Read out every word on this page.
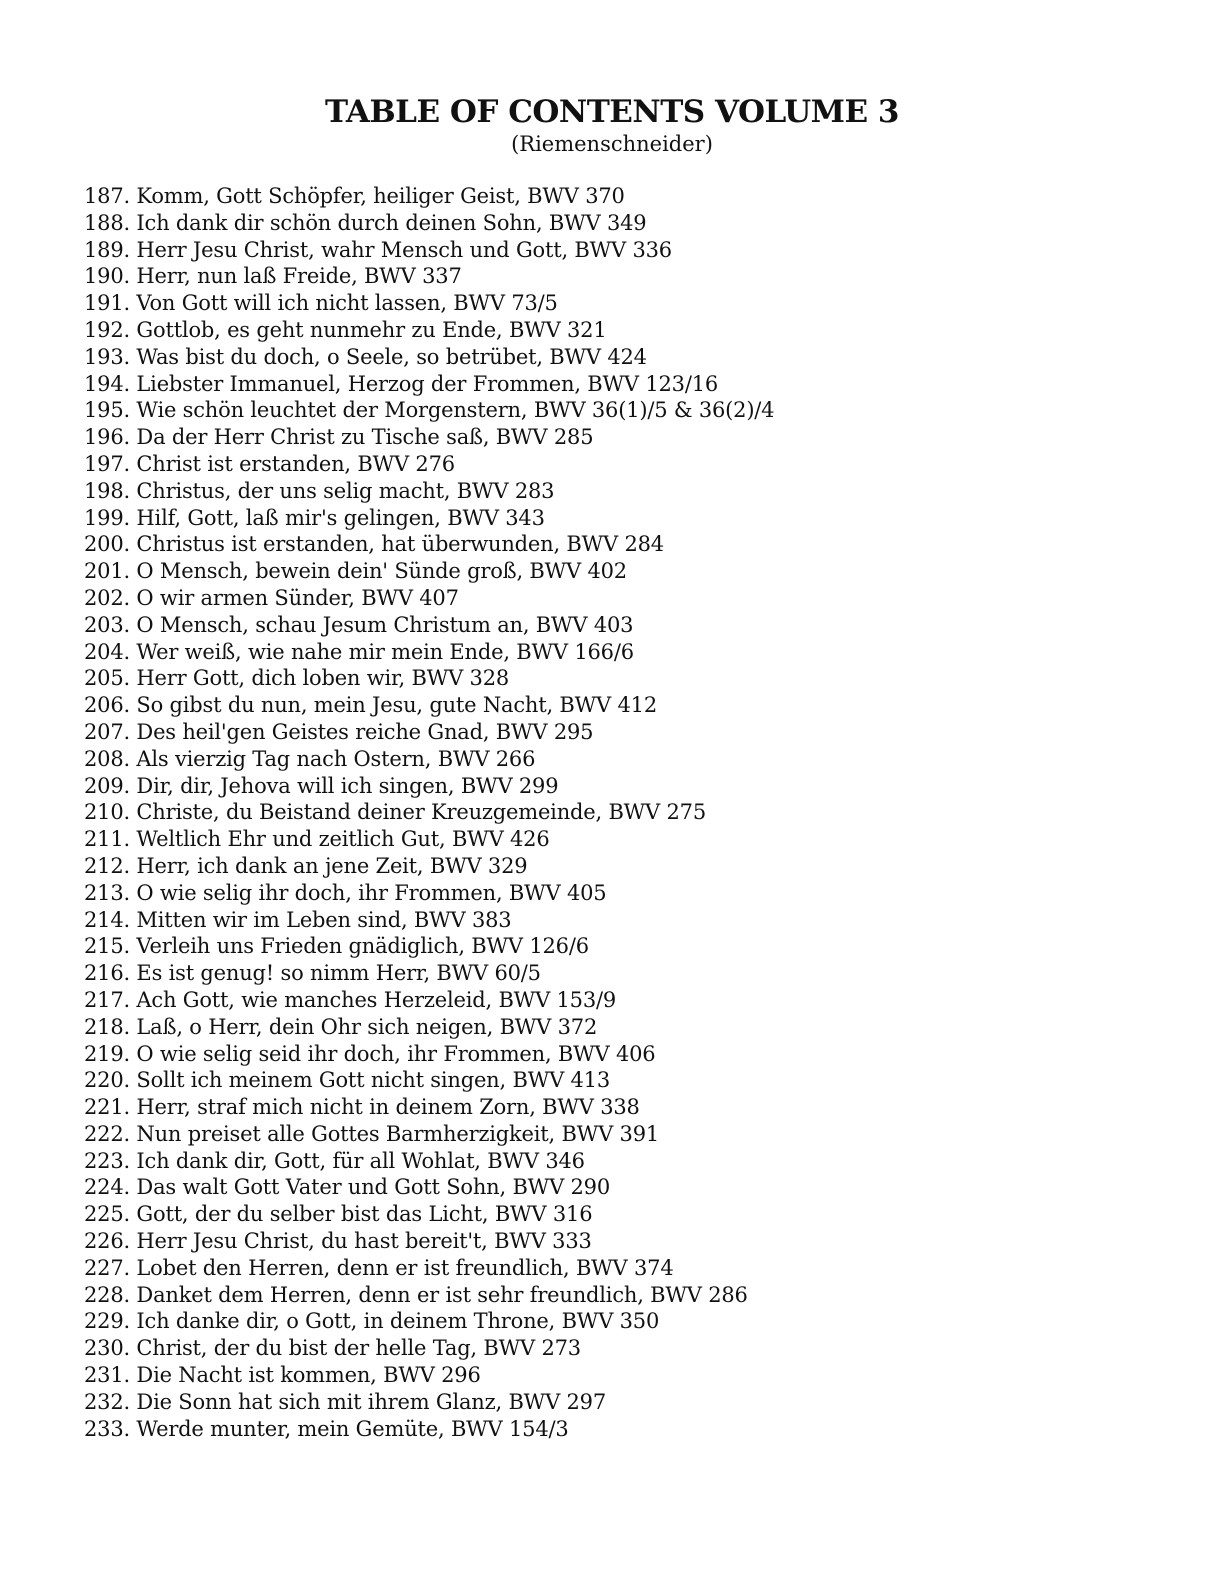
TABLE OF CONTENTS VOLUME 3
(Riemenschneider)
187. Komm, Gott Schöpfer, heiliger Geist, BWV 370
188. Ich dank dir schön durch deinen Sohn, BWV 349
189. Herr Jesu Christ, wahr Mensch und Gott, BWV 336
190. Herr, nun laß Freide, BWV 337
191. Von Gott will ich nicht lassen, BWV 73/5
192. Gottlob, es geht nunmehr zu Ende, BWV 321
193. Was bist du doch, o Seele, so betrübet, BWV 424
194. Liebster Immanuel, Herzog der Frommen, BWV 123/16
195. Wie schön leuchtet der Morgenstern, BWV 36(1)/5 & 36(2)/4
196. Da der Herr Christ zu Tische saß, BWV 285
197. Christ ist erstanden, BWV 276
198. Christus, der uns selig macht, BWV 283
199. Hilf, Gott, laß mir's gelingen, BWV 343
200. Christus ist erstanden, hat überwunden, BWV 284
201. O Mensch, bewein dein' Sünde groß, BWV 402
202. O wir armen Sünder, BWV 407
203. O Mensch, schau Jesum Christum an, BWV 403
204. Wer weiß, wie nahe mir mein Ende, BWV 166/6
205. Herr Gott, dich loben wir, BWV 328
206. So gibst du nun, mein Jesu, gute Nacht, BWV 412
207. Des heil'gen Geistes reiche Gnad, BWV 295
208. Als vierzig Tag nach Ostern, BWV 266
209. Dir, dir, Jehova will ich singen, BWV 299
210. Christe, du Beistand deiner Kreuzgemeinde, BWV 275
211. Weltlich Ehr und zeitlich Gut, BWV 426
212. Herr, ich dank an jene Zeit, BWV 329
213. O wie selig ihr doch, ihr Frommen, BWV 405
214. Mitten wir im Leben sind, BWV 383
215. Verleih uns Frieden gnädiglich, BWV 126/6
216. Es ist genug! so nimm Herr, BWV 60/5
217. Ach Gott, wie manches Herzeleid, BWV 153/9
218. Laß, o Herr, dein Ohr sich neigen, BWV 372
219. O wie selig seid ihr doch, ihr Frommen, BWV 406
220. Sollt ich meinem Gott nicht singen, BWV 413
221. Herr, straf mich nicht in deinem Zorn, BWV 338
222. Nun preiset alle Gottes Barmherzigkeit, BWV 391
223. Ich dank dir, Gott, für all Wohlat, BWV 346
224. Das walt Gott Vater und Gott Sohn, BWV 290
225. Gott, der du selber bist das Licht, BWV 316
226. Herr Jesu Christ, du hast bereit't, BWV 333
227. Lobet den Herren, denn er ist freundlich, BWV 374
228. Danket dem Herren, denn er ist sehr freundlich, BWV 286
229. Ich danke dir, o Gott, in deinem Throne, BWV 350
230. Christ, der du bist der helle Tag, BWV 273
231. Die Nacht ist kommen, BWV 296
232. Die Sonn hat sich mit ihrem Glanz, BWV 297
233. Werde munter, mein Gemüte, BWV 154/3
